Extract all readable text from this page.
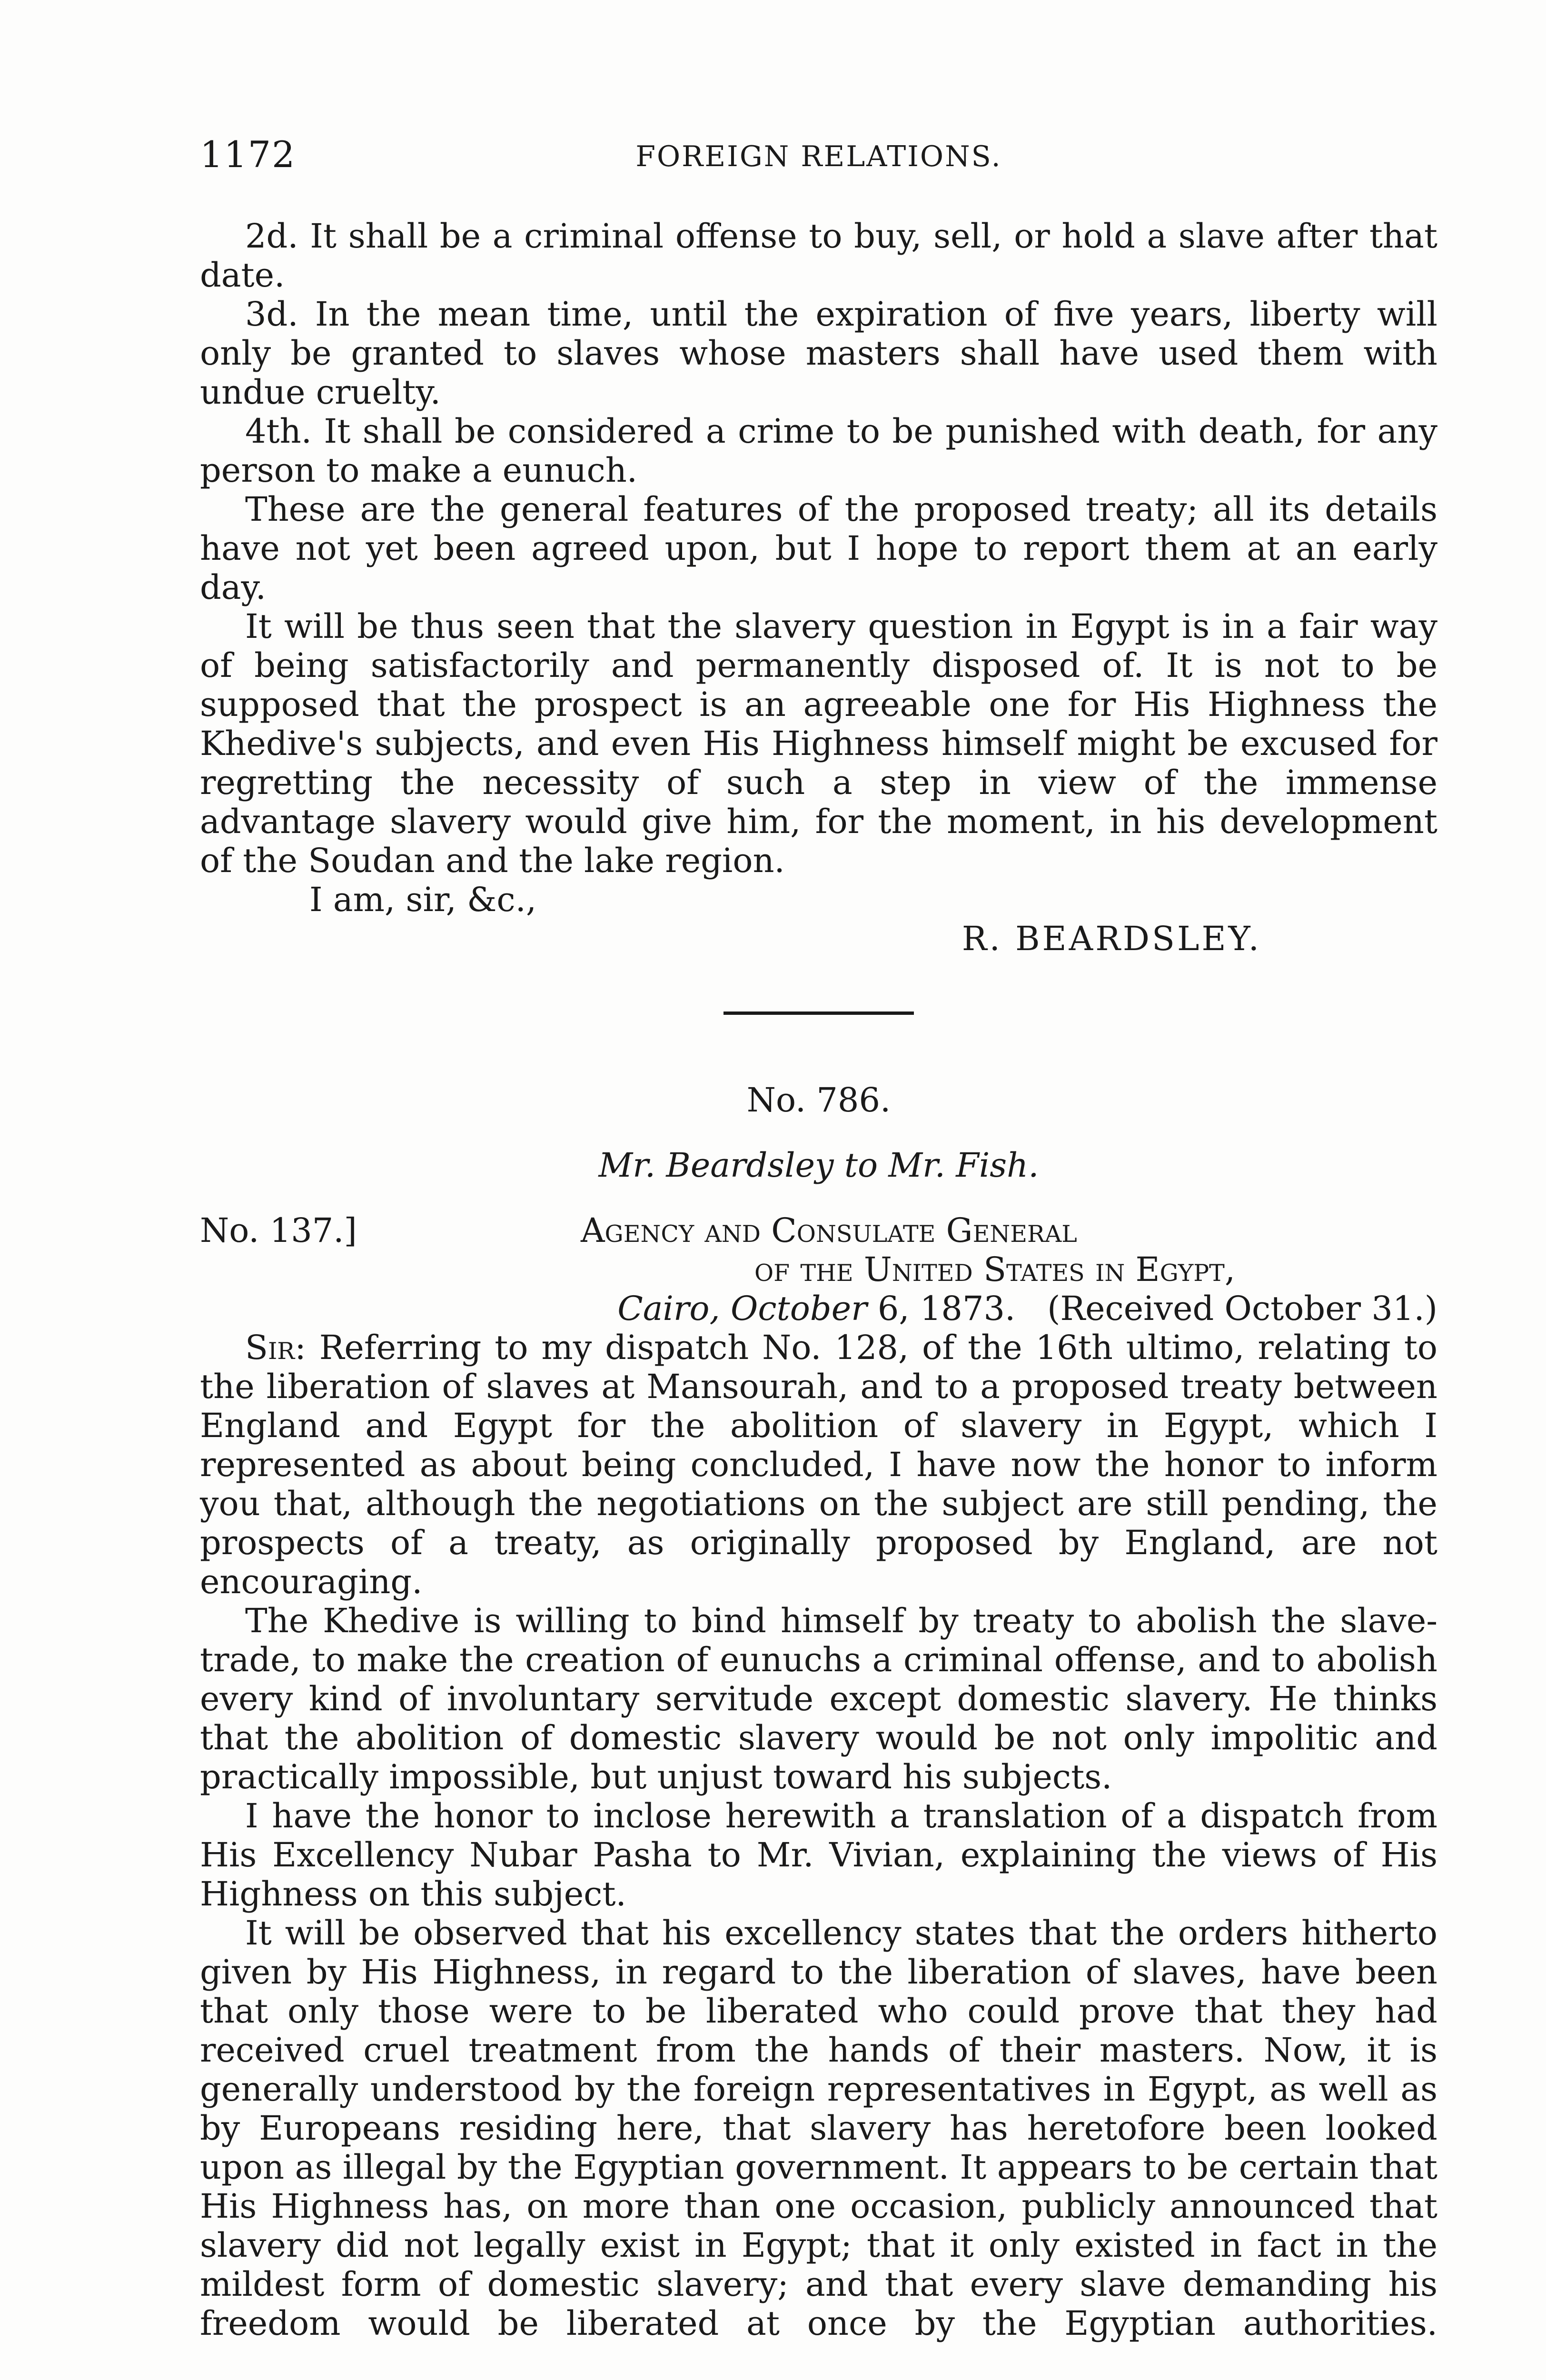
1172	FOREIGN RELATIONS.

2d. It shall be a criminal offense to buy, sell, or hold a slave after that date.

3d. In the mean time, until the expiration of five years, liberty will only be granted to slaves whose masters shall have used them with undue cruelty.

4th. It shall be considered a crime to be punished with death, for any person to make a eunuch.

These are the general features of the proposed treaty; all its details have not yet been agreed upon, but I hope to report them at an early day.

It will be thus seen that the slavery question in Egypt is in a fair way of being satisfactorily and permanently disposed of. It is not to be supposed that the prospect is an agreeable one for His Highness the Khedive's subjects, and even His Highness himself might be excused for regretting the necessity of such a step in view of the immense advantage slavery would give him, for the moment, in his development of the Soudan and the lake region.

I am, sir, &c.,

R. BEARDSLEY.

No. 786.

Mr. Beardsley to Mr. Fish.

No. 137.]	Agency and Consulate General
of the United States in Egypt,
Cairo, October 6, 1873. (Received October 31.)

Sir: Referring to my dispatch No. 128, of the 16th ultimo, relating to the liberation of slaves at Mansourah, and to a proposed treaty between England and Egypt for the abolition of slavery in Egypt, which I represented as about being concluded, I have now the honor to inform you that, although the negotiations on the subject are still pending, the prospects of a treaty, as originally proposed by England, are not encouraging.

The Khedive is willing to bind himself by treaty to abolish the slave-trade, to make the creation of eunuchs a criminal offense, and to abolish every kind of involuntary servitude except domestic slavery. He thinks that the abolition of domestic slavery would be not only impolitic and practically impossible, but unjust toward his subjects.

I have the honor to inclose herewith a translation of a dispatch from His Excellency Nubar Pasha to Mr. Vivian, explaining the views of His Highness on this subject.

It will be observed that his excellency states that the orders hitherto given by His Highness, in regard to the liberation of slaves, have been that only those were to be liberated who could prove that they had received cruel treatment from the hands of their masters. Now, it is generally understood by the foreign representatives in Egypt, as well as by Europeans residing here, that slavery has heretofore been looked upon as illegal by the Egyptian government. It appears to be certain that His Highness has, on more than one occasion, publicly announced that slavery did not legally exist in Egypt; that it only existed in fact in the mildest form of domestic slavery; and that every slave demanding his freedom would be liberated at once by the Egyptian authorities.
